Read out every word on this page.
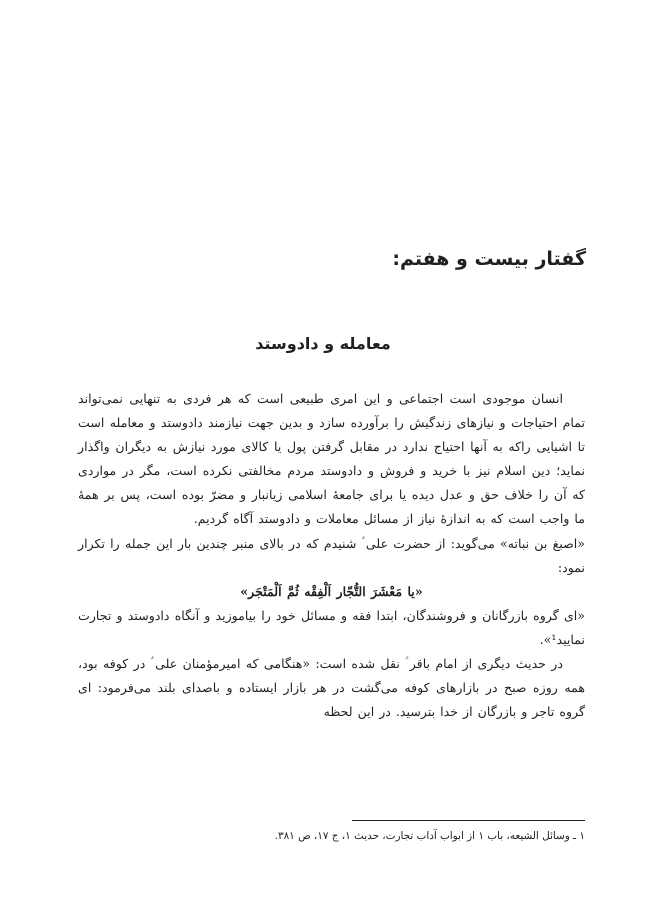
گفتار بیست و هفتم:
معامله و دادوستد

انسان موجودی است اجتماعی و این امری طبیعی است که هر فردی به تنهایی نمی‌تواند تمام احتیاجات و نیازهای زندگیش را برآورده سازد و بدین جهت نیازمند دادوستد و معامله است تا اشیایی راکه به آنها احتیاج ندارد در مقابل گرفتن پول یا کالای مورد نیازش به دیگران واگذار نماید؛ دین اسلام نیز با خرید و فروش و دادوستد مردم مخالفتی نکرده است، مگر در مواردی که آن را خلاف حق و عدل دیده یا برای جامعهٔ اسلامی زیانبار و مضرّ بوده است، پس بر همهٔ ما واجب است که به اندازهٔ نیاز از مسائل معاملات و دادوستد آگاه گردیم.

«اصبغ بن نباته» می‌گوید: از حضرت علی ؑ شنیدم که در بالای منبر چندین بار این جمله را تکرار نمود:

«یا مَعْشَرَ التُّجّار اَلْفِقْه ثُمَّ اَلْمَتْجَر»

«ای گروه بازرگانان و فروشندگان، ابتدا فقه و مسائل خود را بیاموزید و آنگاه دادوستد و تجارت نمایید¹».

در حدیث دیگری از امام باقر ؑ نقل شده است: «هنگامی که امیرمؤمنان علی ؑ در کوفه بود، همه روزه صبح در بازارهای کوفه می‌گشت در هر بازار ایستاده و باصدای بلند می‌فرمود: ای گروه تاجر و بازرگان از خدا بترسید. در این لحظه

۱ ـ وسائل الشیعه، باب ۱ از ابواب آداب تجارت، حدیث ۱، ج ۱۷، ص ۳۸۱.
